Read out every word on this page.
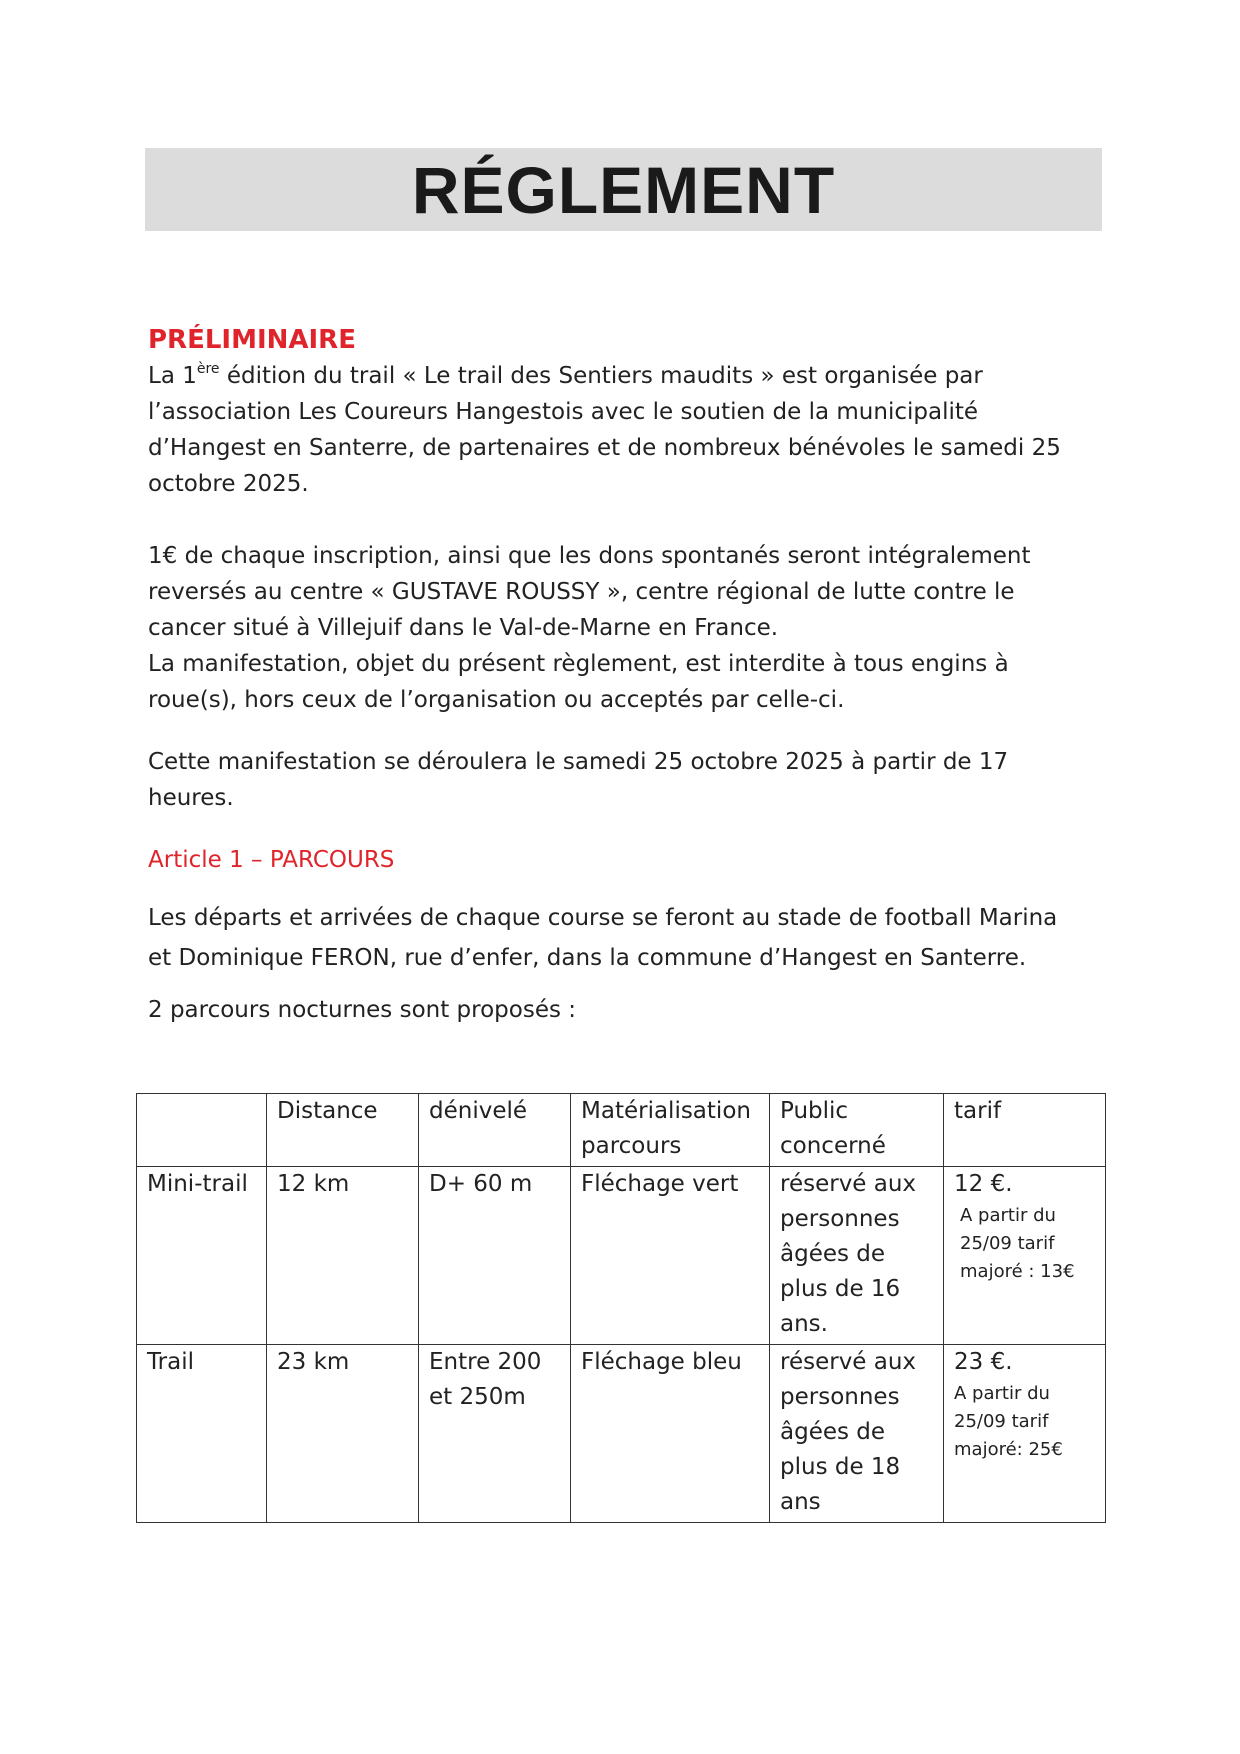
RÉGLEMENT
PRÉLIMINAIRE

La 1ère édition du trail « Le trail des Sentiers maudits » est organisée par
l’association Les Coureurs Hangestois avec le soutien de la municipalité
d’Hangest en Santerre, de partenaires et de nombreux bénévoles le samedi 25
octobre 2025.

1€ de chaque inscription, ainsi que les dons spontanés seront intégralement
reversés au centre « GUSTAVE ROUSSY », centre régional de lutte contre le
cancer situé à Villejuif dans le Val-de-Marne en France.

La manifestation, objet du présent règlement, est interdite à tous engins à
roue(s), hors ceux de l’organisation ou acceptés par celle-ci.

Cette manifestation se déroulera le samedi 25 octobre 2025 à partir de 17
heures.

Article 1 – PARCOURS

Les départs et arrivées de chaque course se feront au stade de football Marina
et Dominique FERON, rue d’enfer, dans la commune d’Hangest en Santerre.

2 parcours nocturnes sont proposés :

	Distance	dénivelé	Matérialisation parcours	Public concerné	tarif
Mini-trail	12 km	D+ 60 m	Fléchage vert	réservé aux personnes âgées de plus de 16 ans.	12 €.
A partir du 25/09 tarif majoré : 13€

Trail	23 km	Entre 200 et 250m	Fléchage bleu	réservé aux personnes âgées de plus de 18 ans	23 €.
A partir du 25/09 tarif majoré: 25€
